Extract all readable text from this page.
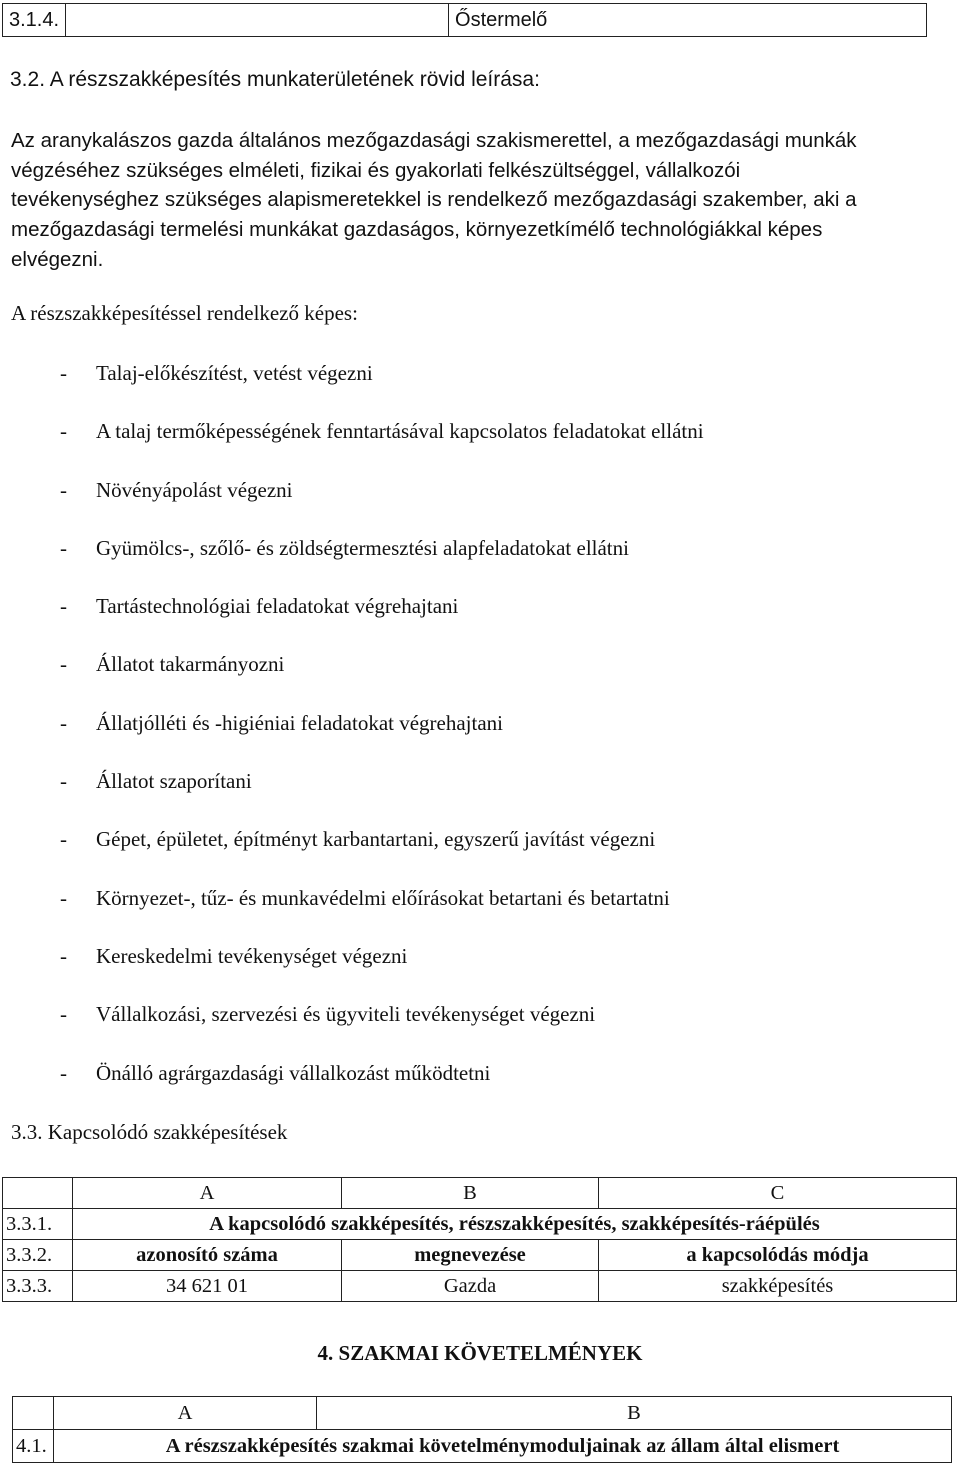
3.1.4.		Őstermelő
3.2. A részszakképesítés munkaterületének rövid leírása:
Az aranykalászos gazda általános mezőgazdasági szakismerettel, a mezőgazdasági munkák
végzéséhez szükséges elméleti, fizikai és gyakorlati felkészültséggel, vállalkozói
tevékenységhez szükséges alapismeretekkel is rendelkező mezőgazdasági szakember, aki a
mezőgazdasági termelési munkákat gazdaságos, környezetkímélő technológiákkal képes
elvégezni.
A részszakképesítéssel rendelkező képes:
- Talaj-előkészítést, vetést végezni
- A talaj termőképességének fenntartásával kapcsolatos feladatokat ellátni
- Növényápolást végezni
- Gyümölcs-, szőlő- és zöldségtermesztési alapfeladatokat ellátni
- Tartástechnológiai feladatokat végrehajtani
- Állatot takarmányozni
- Állatjólléti és -higiéniai feladatokat végrehajtani
- Állatot szaporítani
- Gépet, épületet, építményt karbantartani, egyszerű javítást végezni
- Környezet-, tűz- és munkavédelmi előírásokat betartani és betartatni
- Kereskedelmi tevékenységet végezni
- Vállalkozási, szervezési és ügyviteli tevékenységet végezni
- Önálló agrárgazdasági vállalkozást működtetni
3.3. Kapcsolódó szakképesítések
	A	B	C
3.3.1.	A kapcsolódó szakképesítés, részszakképesítés, szakképesítés-ráépülés		
3.3.2.	azonosító száma	megnevezése	a kapcsolódás módja
3.3.3.	34 621 01	Gazda	szakképesítés
4. SZAKMAI KÖVETELMÉNYEK
	A	B
4.1.	A részszakképesítés szakmai követelménymoduljainak az állam által elismert	
